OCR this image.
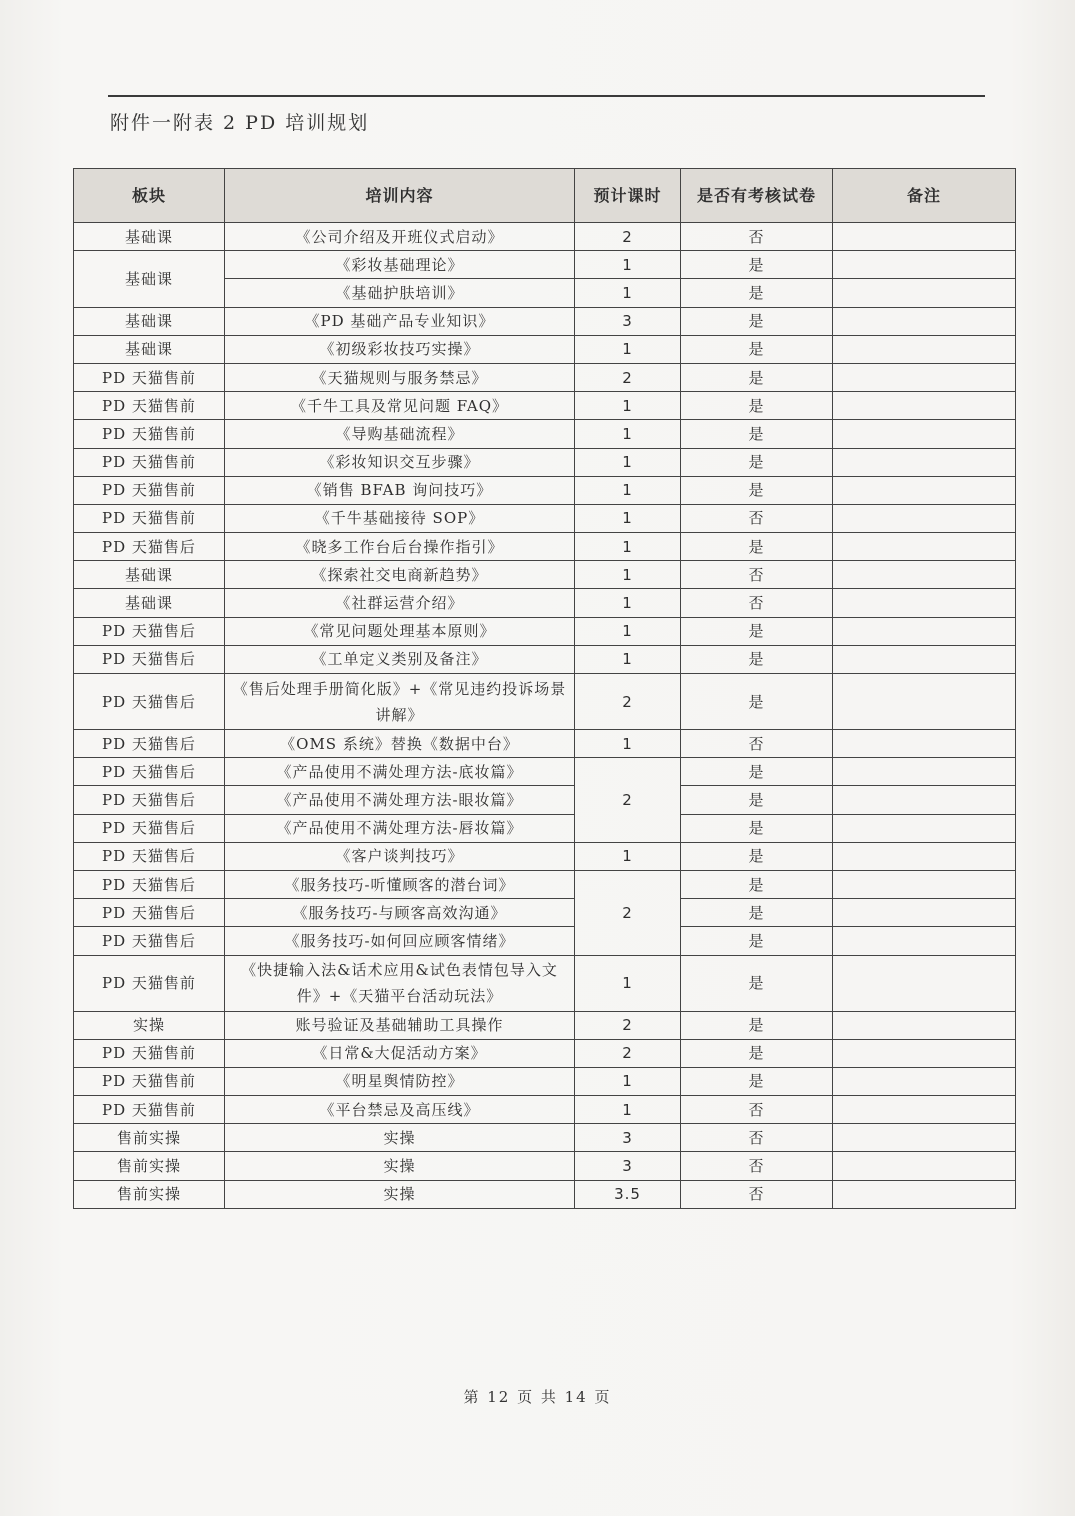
附件一附表 2 PD 培训规划
板块	培训内容	预计课时	是否有考核试卷	备注
基础课	《公司介绍及开班仪式启动》	2	否	
基础课	《彩妆基础理论》	1	是	
	《基础护肤培训》	1	是	
基础课	《PD 基础产品专业知识》	3	是	
基础课	《初级彩妆技巧实操》	1	是	
PD 天猫售前	《天猫规则与服务禁忌》	2	是	
PD 天猫售前	《千牛工具及常见问题 FAQ》	1	是	
PD 天猫售前	《导购基础流程》	1	是	
PD 天猫售前	《彩妆知识交互步骤》	1	是	
PD 天猫售前	《销售 BFAB 询问技巧》	1	是	
PD 天猫售前	《千牛基础接待 SOP》	1	否	
PD 天猫售后	《晓多工作台后台操作指引》	1	是	
基础课	《探索社交电商新趋势》	1	否	
基础课	《社群运营介绍》	1	否	
PD 天猫售后	《常见问题处理基本原则》	1	是	
PD 天猫售后	《工单定义类别及备注》	1	是	
PD 天猫售后	《售后处理手册简化版》+《常见违约投诉场景讲解》	2	是	
PD 天猫售后	《OMS 系统》替换《数据中台》	1	否	
PD 天猫售后	《产品使用不满处理方法-底妆篇》	2	是	
PD 天猫售后	《产品使用不满处理方法-眼妆篇》		是	
PD 天猫售后	《产品使用不满处理方法-唇妆篇》		是	
PD 天猫售后	《客户谈判技巧》	1	是	
PD 天猫售后	《服务技巧-听懂顾客的潜台词》	2	是	
PD 天猫售后	《服务技巧-与顾客高效沟通》		是	
PD 天猫售后	《服务技巧-如何回应顾客情绪》		是	
PD 天猫售前	《快捷输入法&话术应用&试色表情包导入文件》+《天猫平台活动玩法》	1	是	
实操	账号验证及基础辅助工具操作	2	是	
PD 天猫售前	《日常&大促活动方案》	2	是	
PD 天猫售前	《明星舆情防控》	1	是	
PD 天猫售前	《平台禁忌及高压线》	1	否	
售前实操	实操	3	否	
售前实操	实操	3	否	
售前实操	实操	3.5	否	
第 12 页 共 14 页
